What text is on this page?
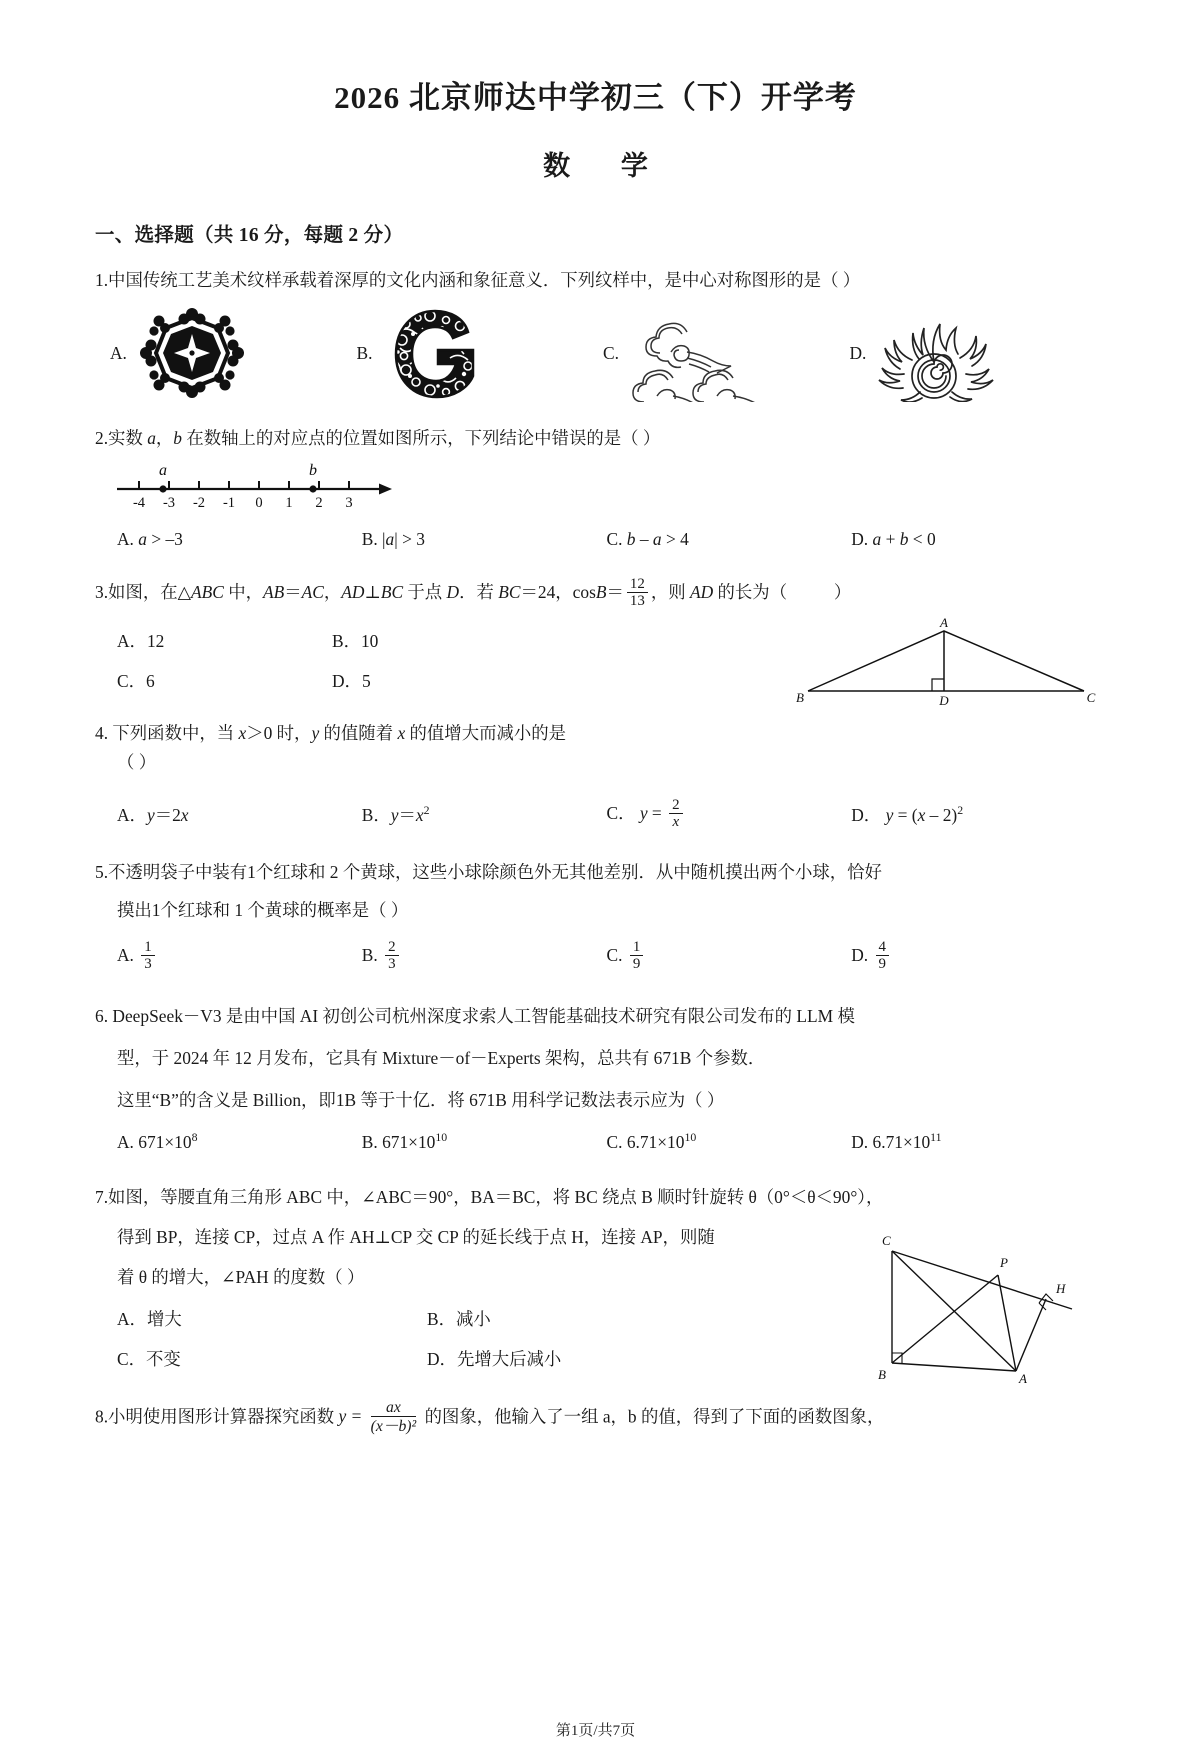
2026 北京师达中学初三（下）开学考
数 学
一、选择题（共 16 分，每题 2 分）
1.中国传统工艺美术纹样承载着深厚的文化内涵和象征意义．下列纹样中，是中心对称图形的是（ ）
A.	B.	C.	D.
2.实数 a，b 在数轴上的对应点的位置如图所示，下列结论中错误的是（ ）
-4 -3 -2 -1 0 1 2 3
a	b
A. a > –3	B. |a| > 3	C. b – a > 4	D. a + b < 0
3.如图，在△ABC 中，AB＝AC，AD⊥BC 于点 D．若 BC＝24，$\cos B= \frac{12}{13}$ ，则 AD 的长为（　　	）
A．12	B．10
C．6	D．5
A
B	D	C
4. 下列函数中，当 x＞0 时，y 的值随着 x 的值增大而减小的是
（ ）
A．y＝2x	B．$y=x^2$	C． $y = \frac{2}{x}$	D． y = (x – 2)$^2$
5.不透明袋子中装有1个红球和 2 个黄球，这些小球除颜色外无其他差别．从中随机摸出两个小球，恰好
摸出1个红球和 1 个黄球的概率是（ ）
A. $\frac{1}{3}$	B. $\frac{2}{3}$	C. $\frac{1}{9}$	D. $\frac{4}{9}$
6. DeepSeek－V3 是由中国 AI 初创公司杭州深度求索人工智能基础技术研究有限公司发布的 LLM 模
型，于 2024 年 12 月发布，它具有 Mixture－of－Experts 架构，总共有 671B 个参数．
这里“B”的含义是 Billion，即1B 等于十亿．将 671B 用科学记数法表示应为（ ）
A. $671\times 10^8$	B. $671\times 10^{10}$	C. $6.71\times 10^{10}$	D. $6.71\times 10^{11}$
7.如图，等腰直角三角形 ABC 中，∠ABC＝90°，BA＝BC，将 BC 绕点 B 顺时针旋转 θ（0°＜θ＜90°），
得到 BP，连接 CP，过点 A 作 AH⊥CP 交 CP 的延长线于点 H，连接 AP，则随
着 θ 的增大，∠PAH 的度数（ ）
A．增大	B．减小
C．不变	D．先增大后减小
C
P
H
B	A
8.小明使用图形计算器探究函数 $y = \frac{ax}{\text{(x－b)²}}$ 的图象，他输入了一组 a，b 的值，得到了下面的函数图象，
第1页/共7页
